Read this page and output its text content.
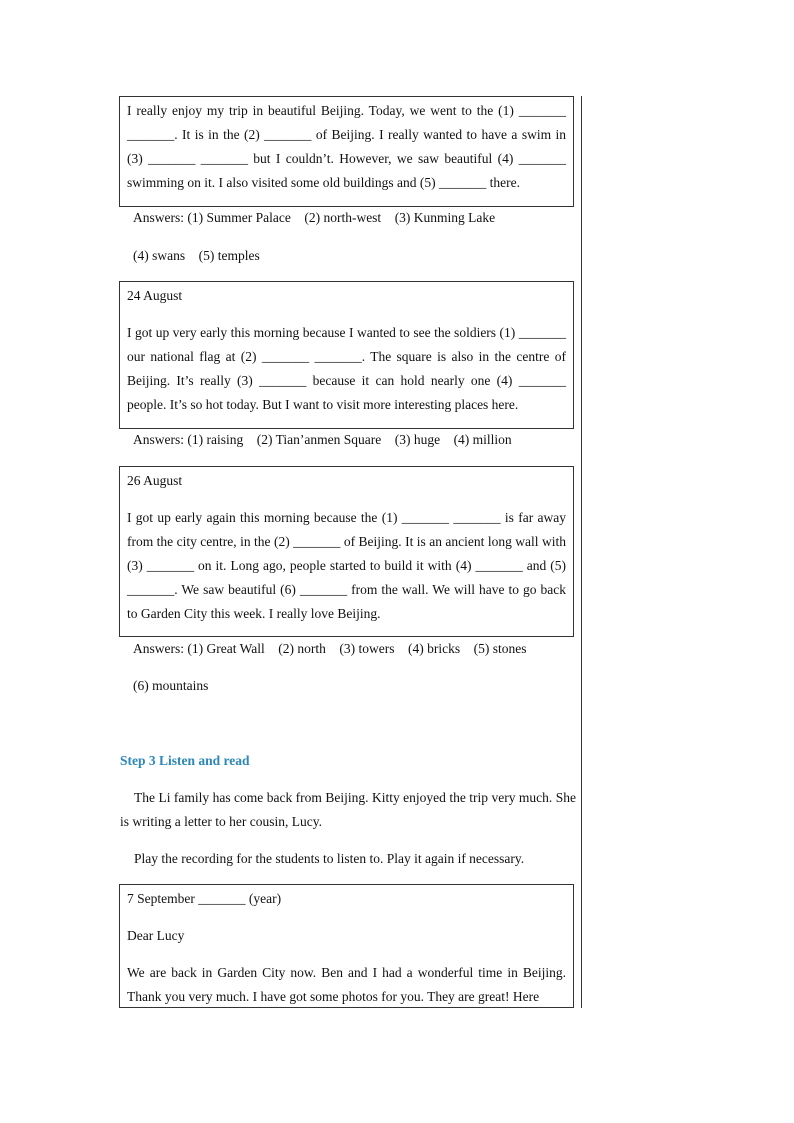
I really enjoy my trip in beautiful Beijing. Today, we went to the (1) _______ _______. It is in the (2) _______ of Beijing. I really wanted to have a swim in (3) _______ _______ but I couldn’t. However, we saw beautiful (4) _______ swimming on it. I also visited some old buildings and (5) _______ there.

Answers: (1) Summer Palace    (2) north-west    (3) Kunming Lake

(4) swans    (5) temples

24 August

I got up very early this morning because I wanted to see the soldiers (1) _______ our national flag at (2) _______ _______. The square is also in the centre of Beijing. It’s really (3) _______ because it can hold nearly one (4) _______ people. It’s so hot today. But I want to visit more interesting places here.

Answers: (1) raising    (2) Tian’anmen Square    (3) huge    (4) million

26 August

I got up early again this morning because the (1) _______ _______ is far away from the city centre, in the (2) _______ of Beijing. It is an ancient long wall with (3) _______ on it. Long ago, people started to build it with (4) _______ and (5) _______. We saw beautiful (6) _______ from the wall. We will have to go back to Garden City this week. I really love Beijing.

Answers: (1) Great Wall    (2) north    (3) towers    (4) bricks    (5) stones

(6) mountains

Step 3 Listen and read

The Li family has come back from Beijing. Kitty enjoyed the trip very much. She is writing a letter to her cousin, Lucy.

Play the recording for the students to listen to. Play it again if necessary.

7 September _______ (year)

Dear Lucy

We are back in Garden City now. Ben and I had a wonderful time in Beijing. Thank you very much. I have got some photos for you. They are great! Here
